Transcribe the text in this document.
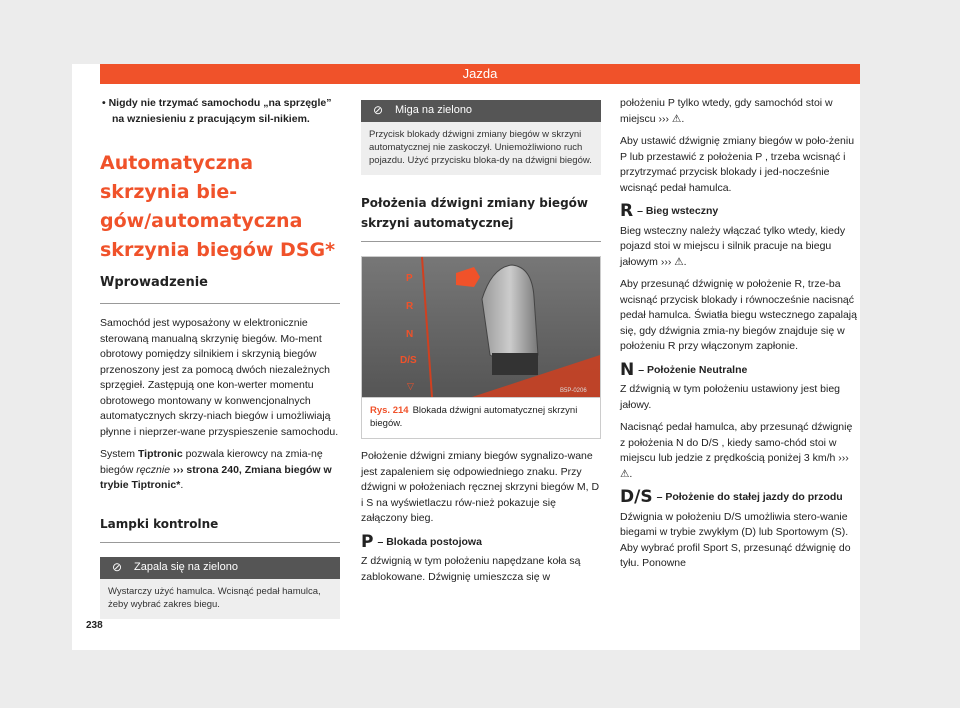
Jazda

• Nigdy nie trzymać samochodu „na sprzęgle” na wzniesieniu z pracującym sil-nikiem.

Automatyczna skrzynia bie-gów/automatyczna skrzynia biegów DSG*
Wprowadzenie

Samochód jest wyposażony w elektronicznie sterowaną manualną skrzynię biegów. Mo-ment obrotowy pomiędzy silnikiem i skrzynią biegów przenoszony jest za pomocą dwóch niezależnych sprzęgieł. Zastępują one kon-werter momentu obrotowego montowany w konwencjonalnych automatycznych skrzy-niach biegów i umożliwiają płynne i nieprzer-wane przyspieszenie samochodu.

System Tiptronic pozwala kierowcy na zmia-nę biegów ręcznie ››› strona 240, Zmiana biegów w trybie Tiptronic*.

Lampki kontrolne
⊘	Zapala się na zielono
Wystarczy użyć hamulca. Wcisnąć pedał hamulca, żeby wybrać zakres biegu.
⊘	Miga na zielono
Przycisk blokady dźwigni zmiany biegów w skrzyni automatycznej nie zaskoczył. Uniemożliwiono ruch pojazdu. Użyć przycisku bloka-dy na dźwigni biegów.
Położenia dźwigni zmiany biegów skrzyni automatycznej
P
R
N
D/S
▽	B5P-0206
Rys. 214 Blokada dźwigni automatycznej skrzyni biegów.

Położenie dźwigni zmiany biegów sygnalizo-wane jest zapaleniem się odpowiedniego znaku. Przy dźwigni w położeniach ręcznej skrzyni biegów M, D i S na wyświetlaczu rów-nież pokazuje się załączony bieg.

P – Blokada postojowa

Z dźwignią w tym położeniu napędzane koła są zablokowane. Dźwignię umieszcza się w

położeniu P tylko wtedy, gdy samochód stoi w miejscu ››› ⚠.

Aby ustawić dźwignię zmiany biegów w poło-żeniu P lub przestawić z położenia P , trzeba wcisnąć i przytrzymać przycisk blokady i jed-nocześnie wcisnąć pedał hamulca.

R – Bieg wsteczny

Bieg wsteczny należy włączać tylko wtedy, kiedy pojazd stoi w miejscu i silnik pracuje na biegu jałowym ››› ⚠.

Aby przesunąć dźwignię w położenie R, trze-ba wcisnąć przycisk blokady i równocześnie nacisnąć pedał hamulca. Światła biegu wstecznego zapalają się, gdy dźwignia zmia-ny biegów znajduje się w położeniu R przy włączonym zapłonie.

N – Położenie Neutralne

Z dźwignią w tym położeniu ustawiony jest bieg jałowy.

Nacisnąć pedał hamulca, aby przesunąć dźwignię z położenia N do D/S , kiedy samo-chód stoi w miejscu lub jedzie z prędkością poniżej 3 km/h ››› ⚠.

D/S – Położenie do stałej jazdy do przodu

Dźwignia w położeniu D/S umożliwia stero-wanie biegami w trybie zwykłym (D) lub Sportowym (S). Aby wybrać profil Sport S, przesunąć dźwignię do tyłu. Ponowne

238
